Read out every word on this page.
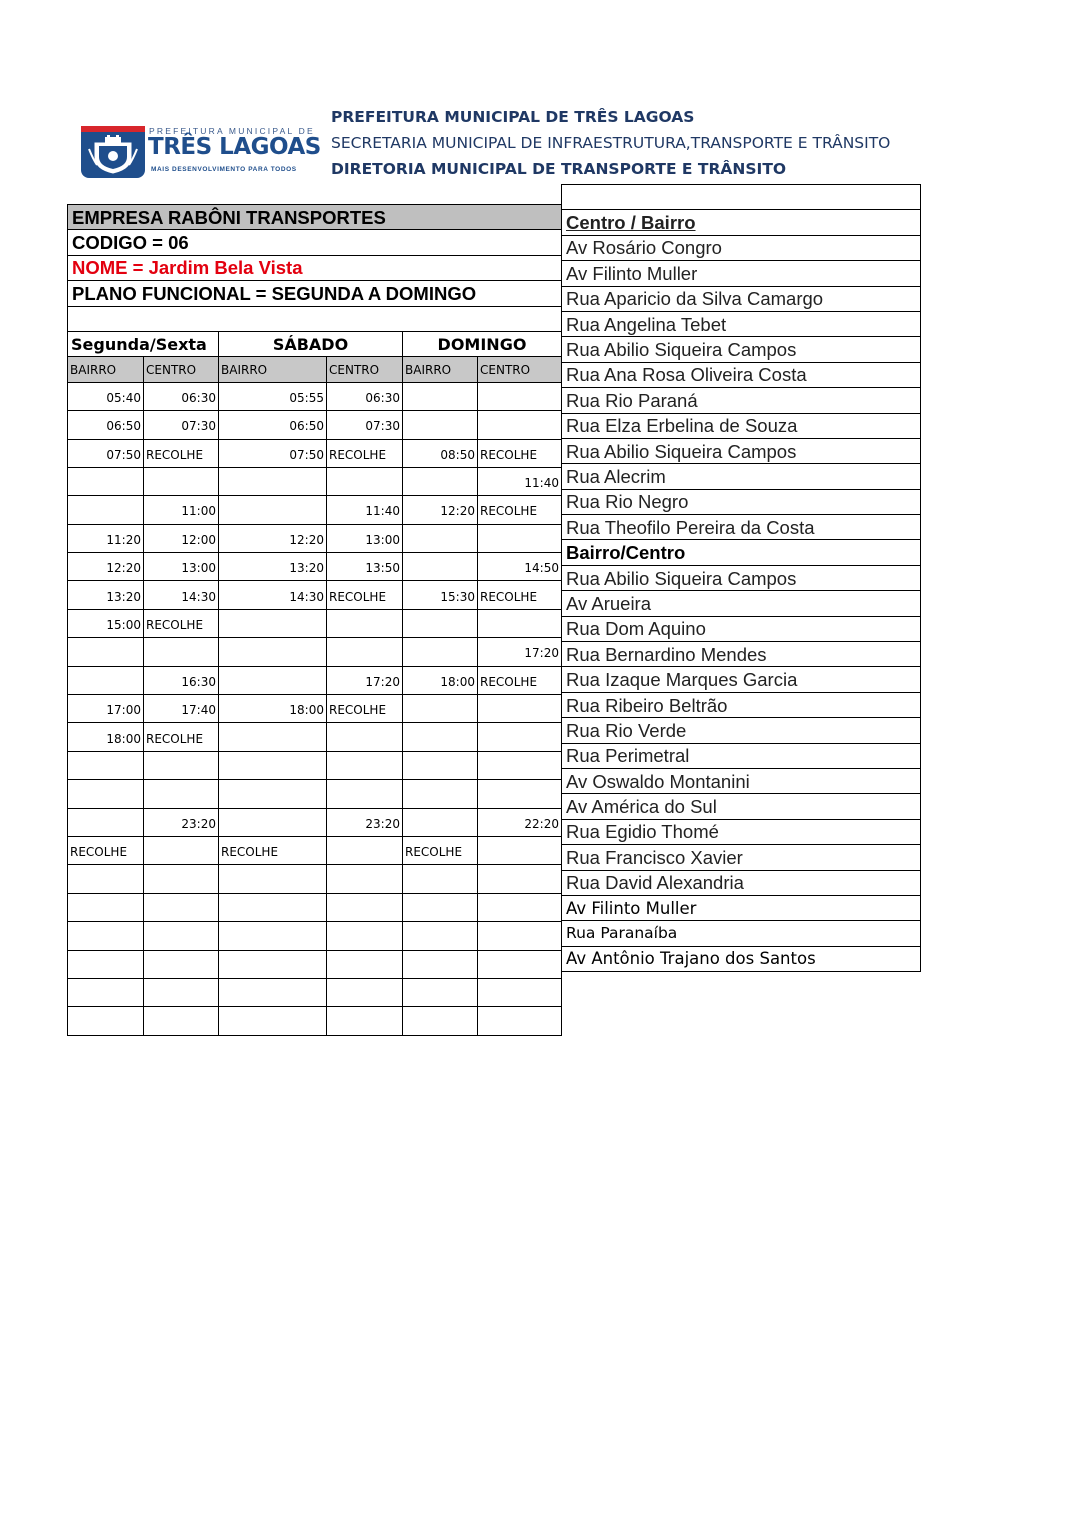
PREFEITURA MUNICIPAL DE
TRÊS LAGOAS
MAIS DESENVOLVIMENTO PARA TODOS
PREFEITURA MUNICIPAL DE TRÊS LAGOAS
SECRETARIA MUNICIPAL DE INFRAESTRUTURA,TRANSPORTE E TRÂNSITO
DIRETORIA MUNICIPAL DE TRANSPORTE E TRÂNSITO

Centro / Bairro
Av Rosário Congro
Av Filinto Muller
Rua Aparicio da Silva Camargo
Rua Angelina Tebet
Rua Abilio Siqueira Campos
Rua Ana Rosa Oliveira Costa
Rua Rio Paraná
Rua Elza Erbelina de Souza
Rua Abilio Siqueira Campos
Rua Alecrim
Rua Rio Negro
Rua Theofilo Pereira da Costa
Bairro/Centro
Rua Abilio Siqueira Campos
Av Arueira
Rua Dom Aquino
Rua Bernardino Mendes
Rua Izaque Marques Garcia
Rua Ribeiro Beltrão
Rua Rio Verde
Rua Perimetral
Av Oswaldo Montanini
Av América do Sul
Rua Egidio Thomé
Rua Francisco Xavier
Rua David Alexandria
Av Filinto Muller
Rua Paranaíba
Av Antônio Trajano dos Santos
EMPRESA RABÔNI TRANSPORTES					
CODIGO = 06					
NOME = Jardim Bela Vista					
PLANO FUNCIONAL = SEGUNDA A DOMINGO					

Segunda/Sexta		SÁBADO		DOMINGO	
BAIRRO	CENTRO	BAIRRO	CENTRO	BAIRRO	CENTRO
05:40	06:30	05:55	06:30		
06:50	07:30	06:50	07:30		
07:50	RECOLHE	07:50	RECOLHE	08:50	RECOLHE
					11:40
	11:00		11:40	12:20	RECOLHE
11:20	12:00	12:20	13:00		
12:20	13:00	13:20	13:50		14:50
13:20	14:30	14:30	RECOLHE	15:30	RECOLHE
15:00	RECOLHE				
					17:20
	16:30		17:20	18:00	RECOLHE
17:00	17:40	18:00	RECOLHE		
18:00	RECOLHE				

	23:20		23:20		22:20
RECOLHE		RECOLHE		RECOLHE	
